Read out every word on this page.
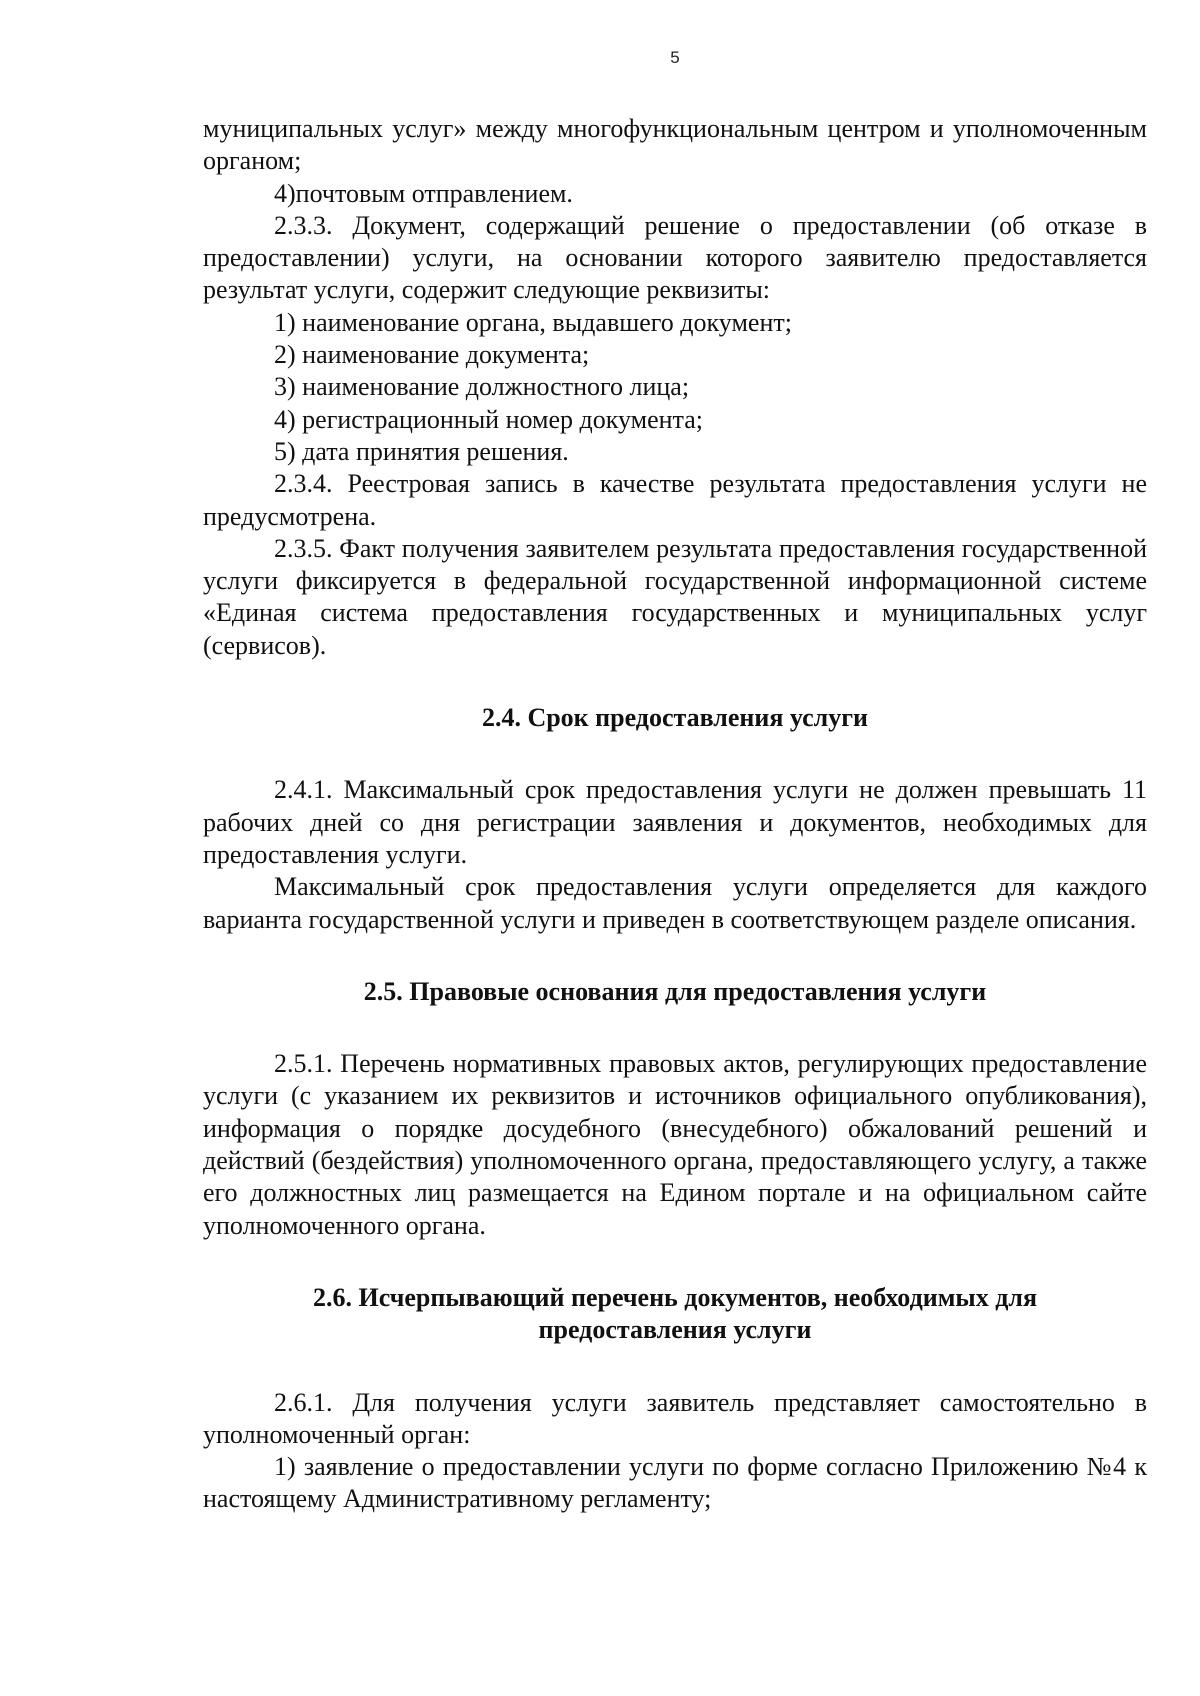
5

муниципальных услуг» между многофункциональным центром и уполномоченным органом;

4)почтовым отправлением.

2.3.3. Документ, содержащий решение о предоставлении (об отказе в предоставлении) услуги, на основании которого заявителю предоставляется результат услуги, содержит следующие реквизиты:

1) наименование органа, выдавшего документ;

2) наименование документа;

3) наименование должностного лица;

4) регистрационный номер документа;

5) дата принятия решения.

2.3.4. Реестровая запись в качестве результата предоставления услуги не предусмотрена.

2.3.5. Факт получения заявителем результата предоставления государственной услуги фиксируется в федеральной государственной информационной системе «Единая система предоставления государственных и муниципальных услуг (сервисов).

2.4. Срок предоставления услуги

2.4.1. Максимальный срок предоставления услуги не должен превышать 11 рабочих дней со дня регистрации заявления и документов, необходимых для предоставления услуги.

Максимальный срок предоставления услуги определяется для каждого варианта государственной услуги и приведен в соответствующем разделе описания.

2.5. Правовые основания для предоставления услуги

2.5.1. Перечень нормативных правовых актов, регулирующих предоставление услуги (с указанием их реквизитов и источников официального опубликования), информация о порядке досудебного (внесудебного) обжалований решений и действий (бездействия) уполномоченного органа, предоставляющего услугу, а также его должностных лиц размещается на Едином портале и на официальном сайте уполномоченного органа.

2.6. Исчерпывающий перечень документов, необходимых для

предоставления услуги

2.6.1. Для получения услуги заявитель представляет самостоятельно в уполномоченный орган:

1) заявление о предоставлении услуги по форме согласно Приложению №4 к настоящему Административному регламенту;
